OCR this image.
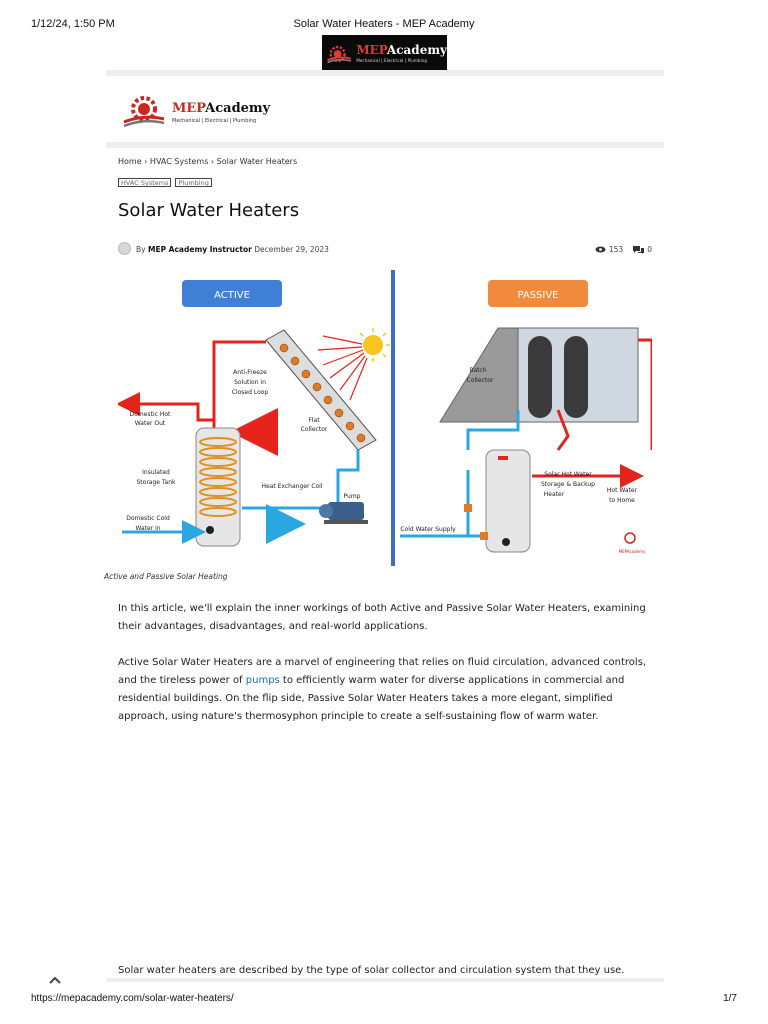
1/12/24, 1:50 PM	Solar Water Heaters - MEP Academy
MEPAcademy
Mechanical | Electrical | Plumbing
MEPAcademy
Mechanical | Electrical | Plumbing
Home › HVAC Systems › Solar Water Heaters
HVAC Systems	Plumbing
Solar Water Heaters
By MEP Academy Instructor December 29, 2023	153	0
ACTIVE
Anti-Freeze
Solution in
Closed Loop
Flat
Collector
Domestic Hot
Water Out
Insulated
Storage Tank
Heat Exchanger Coil
Pump
Domestic Cold
Water in
PASSIVE
Batch
Collector
Solar Hot Water
Storage & Backup
Heater
Hot Water
to Home
Cold Water Supply
MEPAcademy
Active and Passive Solar Heating

In this article, we'll explain the inner workings of both Active and Passive Solar Water Heaters, examining their advantages, disadvantages, and real-world applications.

Active Solar Water Heaters are a marvel of engineering that relies on fluid circulation, advanced controls, and the tireless power of pumps to efficiently warm water for diverse applications in commercial and residential buildings. On the flip side, Passive Solar Water Heaters takes a more elegant, simplified approach, using nature's thermosyphon principle to create a self-sustaining flow of warm water.

Solar water heaters are described by the type of solar collector and circulation system that they use.
https://mepacademy.com/solar-water-heaters/	1/7
